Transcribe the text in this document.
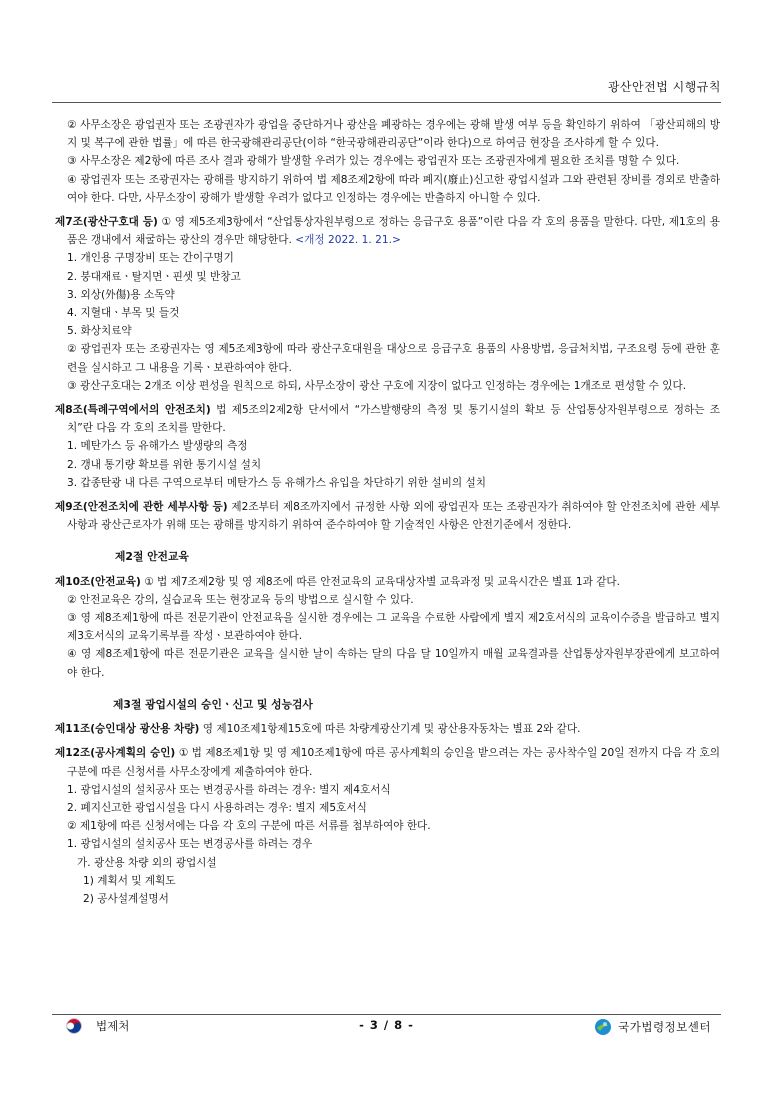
광산안전법 시행규칙
② 사무소장은 광업권자 또는 조광권자가 광업을 중단하거나 광산을 폐광하는 경우에는 광해 발생 여부 등을 확인하기 위하여 「광산피해의 방지 및 복구에 관한 법률」에 따른 한국광해관리공단(이하 “한국광해관리공단”이라 한다)으로 하여금 현장을 조사하게 할 수 있다.
③ 사무소장은 제2항에 따른 조사 결과 광해가 발생할 우려가 있는 경우에는 광업권자 또는 조광권자에게 필요한 조치를 명할 수 있다.
④ 광업권자 또는 조광권자는 광해를 방지하기 위하여 법 제8조제2항에 따라 폐지(廢止)신고한 광업시설과 그와 관련된 장비를 경외로 반출하여야 한다. 다만, 사무소장이 광해가 발생할 우려가 없다고 인정하는 경우에는 반출하지 아니할 수 있다.
제7조(광산구호대 등) ① 영 제5조제3항에서 “산업통상자원부령으로 정하는 응급구호 용품”이란 다음 각 호의 용품을 말한다. 다만, 제1호의 용품은 갱내에서 채굴하는 광산의 경우만 해당한다. <개정 2022. 1. 21.>
1. 개인용 구명장비 또는 간이구명기
2. 붕대재료ㆍ탈지면ㆍ핀셋 및 반창고
3. 외상(外傷)용 소독약
4. 지혈대ㆍ부목 및 들것
5. 화상치료약
② 광업권자 또는 조광권자는 영 제5조제3항에 따라 광산구호대원을 대상으로 응급구호 용품의 사용방법, 응급처치법, 구조요령 등에 관한 훈련을 실시하고 그 내용을 기록ㆍ보관하여야 한다.
③ 광산구호대는 2개조 이상 편성을 원칙으로 하되, 사무소장이 광산 구호에 지장이 없다고 인정하는 경우에는 1개조로 편성할 수 있다.
제8조(특례구역에서의 안전조치) 법 제5조의2제2항 단서에서 “가스발행량의 측정 및 통기시설의 확보 등 산업통상자원부령으로 정하는 조치”란 다음 각 호의 조치를 말한다.
1. 메탄가스 등 유해가스 발생량의 측정
2. 갱내 통기량 확보를 위한 통기시설 설치
3. 갑종탄광 내 다른 구역으로부터 메탄가스 등 유해가스 유입을 차단하기 위한 설비의 설치
제9조(안전조치에 관한 세부사항 등) 제2조부터 제8조까지에서 규정한 사항 외에 광업권자 또는 조광권자가 취하여야 할 안전조치에 관한 세부사항과 광산근로자가 위해 또는 광해를 방지하기 위하여 준수하여야 할 기술적인 사항은 안전기준에서 정한다.
제2절 안전교육
제10조(안전교육) ① 법 제7조제2항 및 영 제8조에 따른 안전교육의 교육대상자별 교육과정 및 교육시간은 별표 1과 같다.
② 안전교육은 강의, 실습교육 또는 현장교육 등의 방법으로 실시할 수 있다.
③ 영 제8조제1항에 따른 전문기관이 안전교육을 실시한 경우에는 그 교육을 수료한 사람에게 별지 제2호서식의 교육이수증을 발급하고 별지 제3호서식의 교육기록부를 작성ㆍ보관하여야 한다.
④ 영 제8조제1항에 따른 전문기관은 교육을 실시한 날이 속하는 달의 다음 달 10일까지 매월 교육결과를 산업통상자원부장관에게 보고하여야 한다.
제3절 광업시설의 승인ㆍ신고 및 성능검사
제11조(승인대상 광산용 차량) 영 제10조제1항제15호에 따른 차량계광산기계 및 광산용자동차는 별표 2와 같다.
제12조(공사계획의 승인) ① 법 제8조제1항 및 영 제10조제1항에 따른 공사계획의 승인을 받으려는 자는 공사착수일 20일 전까지 다음 각 호의 구분에 따른 신청서를 사무소장에게 제출하여야 한다.
1. 광업시설의 설치공사 또는 변경공사를 하려는 경우: 별지 제4호서식
2. 폐지신고한 광업시설을 다시 사용하려는 경우: 별지 제5호서식
② 제1항에 따른 신청서에는 다음 각 호의 구분에 따른 서류를 첨부하여야 한다.
1. 광업시설의 설치공사 또는 변경공사를 하려는 경우
가. 광산용 차량 외의 광업시설
1) 계획서 및 계획도
2) 공사설계설명서
법제처	- 3 / 8 -	국가법령정보센터
